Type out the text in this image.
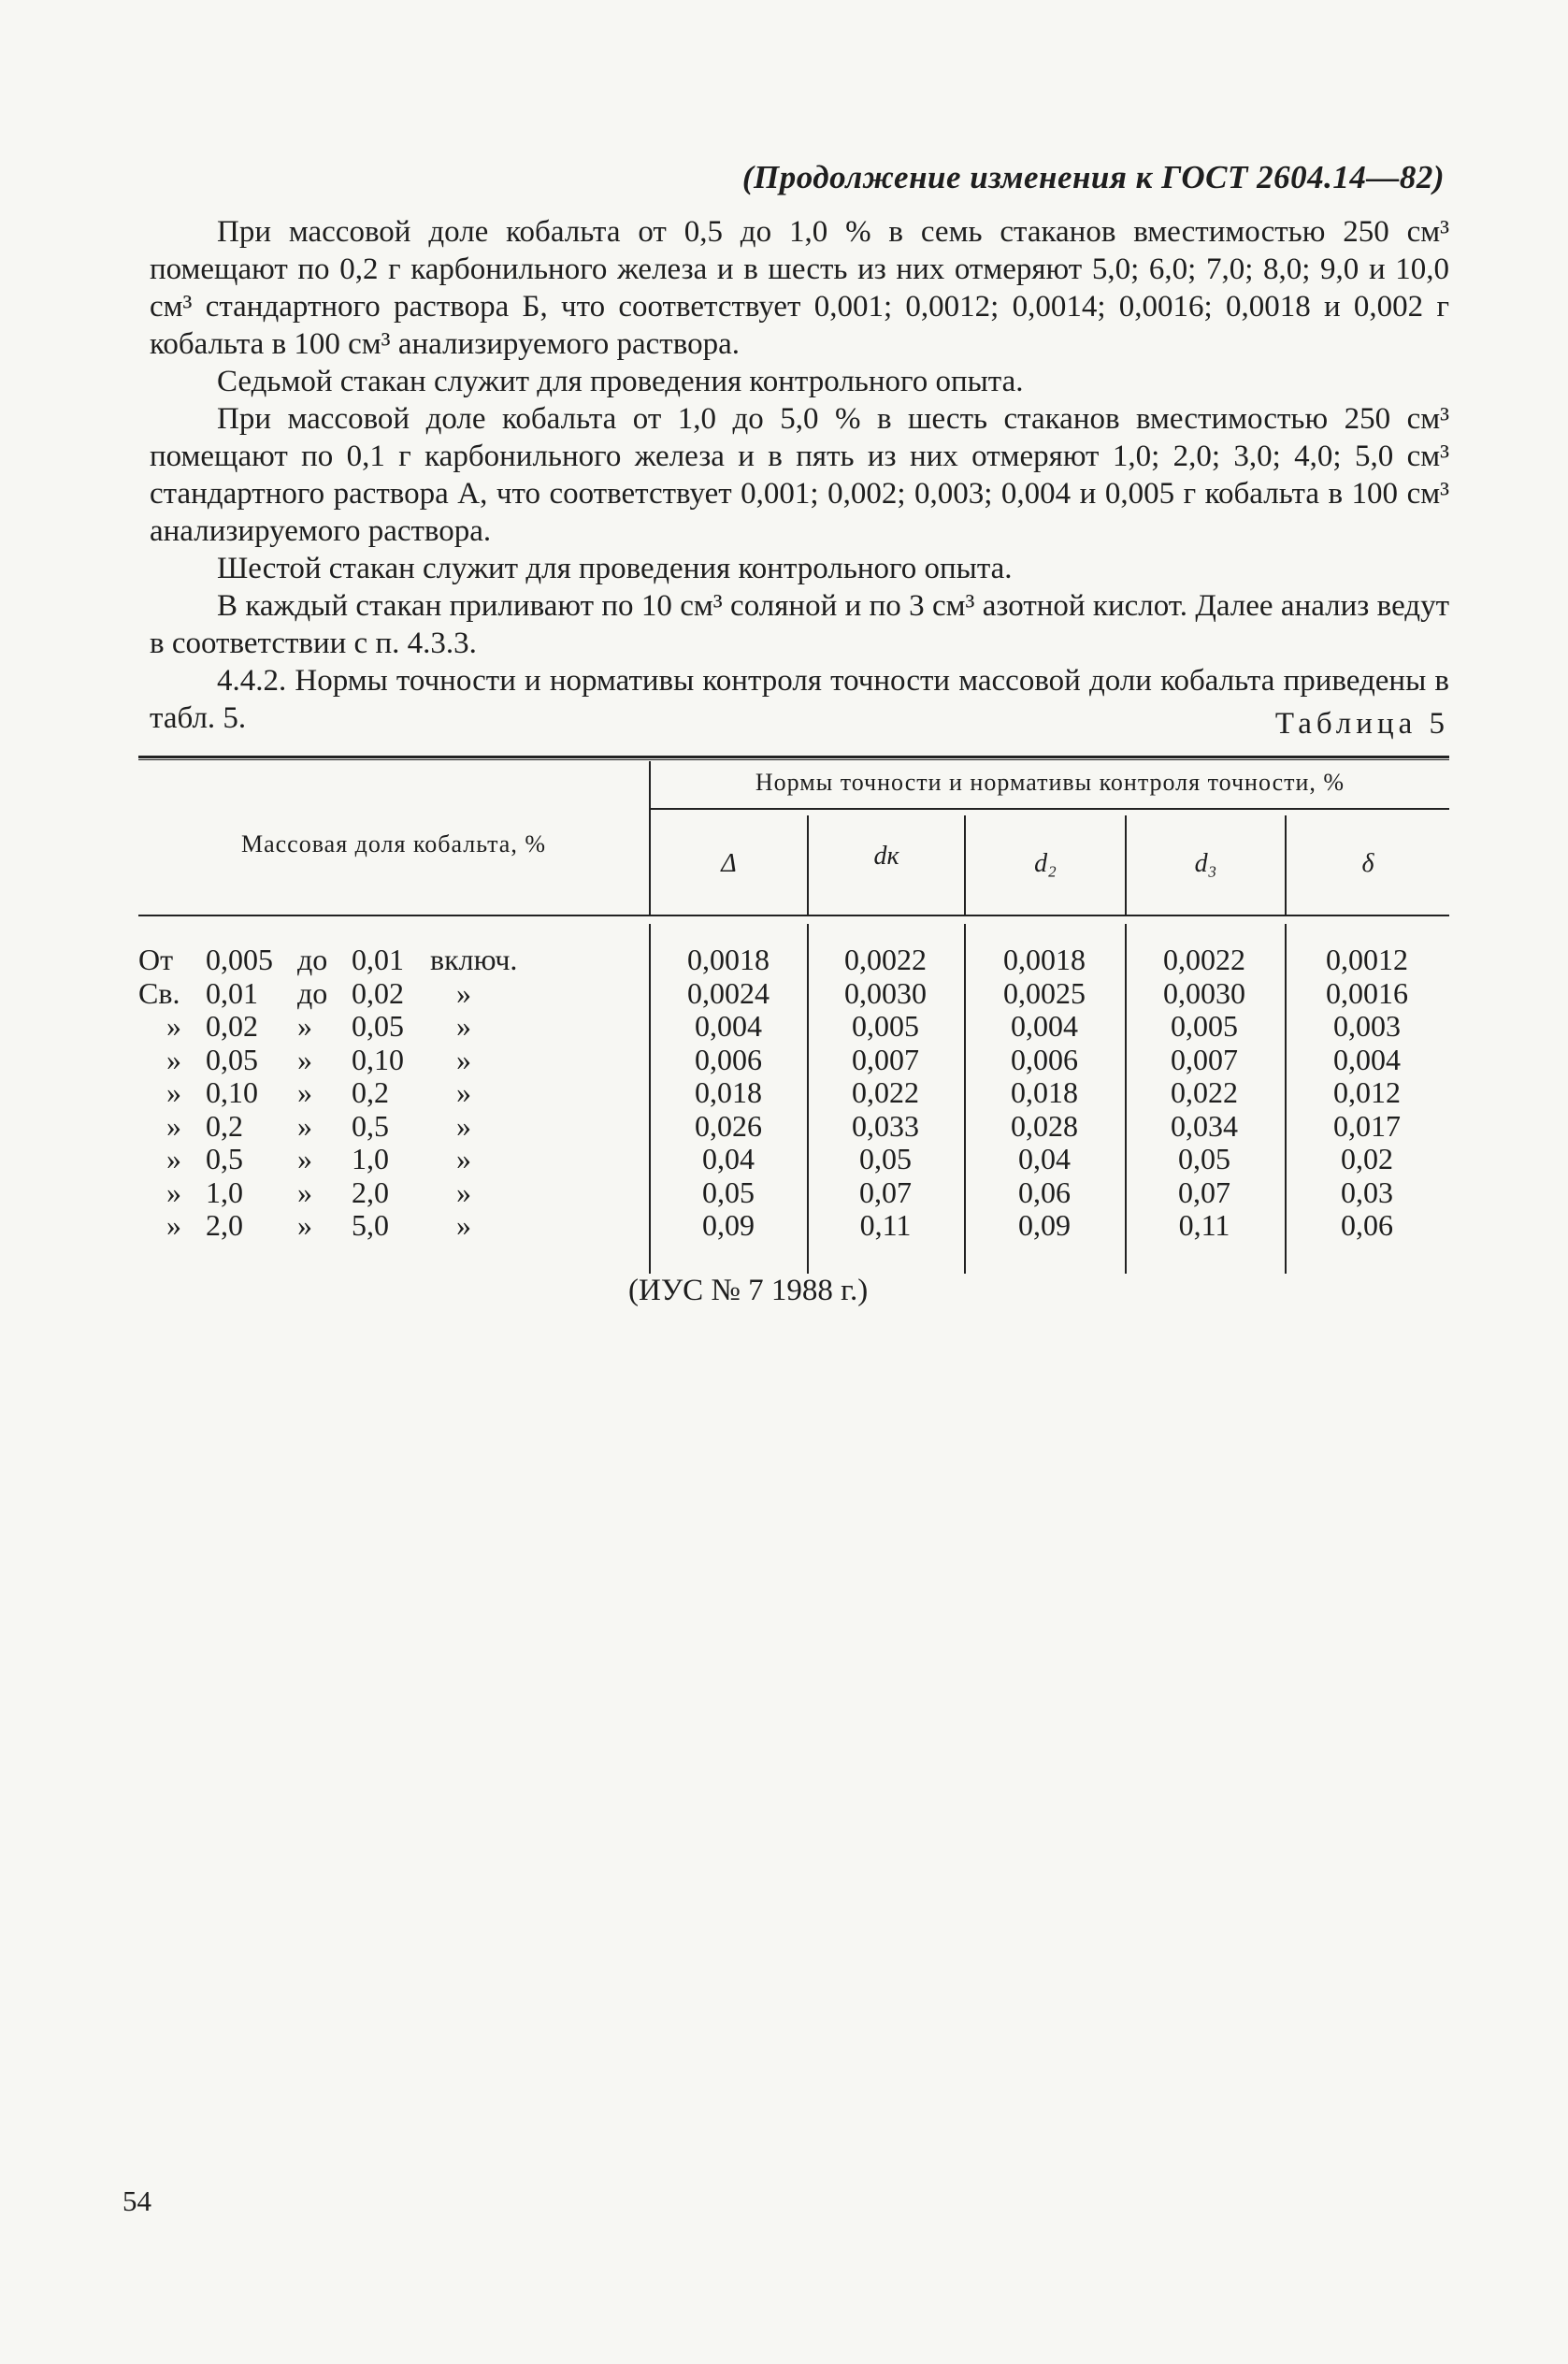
(Продолжение изменения к ГОСТ 2604.14—82)

При массовой доле кобальта от 0,5 до 1,0 % в семь стаканов вместимостью 250 см³ помещают по 0,2 г карбонильного железа и в шесть из них отмеряют 5,0; 6,0; 7,0; 8,0; 9,0 и 10,0 см³ стандартного раствора Б, что соответствует 0,001; 0,0012; 0,0014; 0,0016; 0,0018 и 0,002 г кобальта в 100 см³ анализируемого раствора.

Седьмой стакан служит для проведения контрольного опыта.

При массовой доле кобальта от 1,0 до 5,0 % в шесть стаканов вместимостью 250 см³ помещают по 0,1 г карбонильного железа и в пять из них отмеряют 1,0; 2,0; 3,0; 4,0; 5,0 см³ стандартного раствора А, что соответствует 0,001; 0,002; 0,003; 0,004 и 0,005 г кобальта в 100 см³ анализируемого раствора.

Шестой стакан служит для проведения контрольного опыта.

В каждый стакан приливают по 10 см³ соляной и по 3 см³ азотной кислот. Далее анализ ведут в соответствии с п. 4.3.3.

4.4.2. Нормы точности и нормативы контроля точности массовой доли кобальта приведены в табл. 5.	Таблица 5
Массовая доля кобальта, %
Нормы точности и нормативы контроля точности, %
Δ	dк	d₂	d₃	δ
От 0,005 до 0,01 включ.	0,0018	0,0022	0,0018	0,0022	0,0012
Св. 0,01 до 0,02 »	0,0024	0,0030	0,0025	0,0030	0,0016
» 0,02 » 0,05 »	0,004	0,005	0,004	0,005	0,003
» 0,05 » 0,10 »	0,006	0,007	0,006	0,007	0,004
» 0,10 » 0,2 »	0,018	0,022	0,018	0,022	0,012
» 0,2 » 0,5 »	0,026	0,033	0,028	0,034	0,017
» 0,5 » 1,0 »	0,04	0,05	0,04	0,05	0,02
» 1,0 » 2,0 »	0,05	0,07	0,06	0,07	0,03
» 2,0 » 5,0 »	0,09	0,11	0,09	0,11	0,06
(ИУС № 7 1988 г.)
54
